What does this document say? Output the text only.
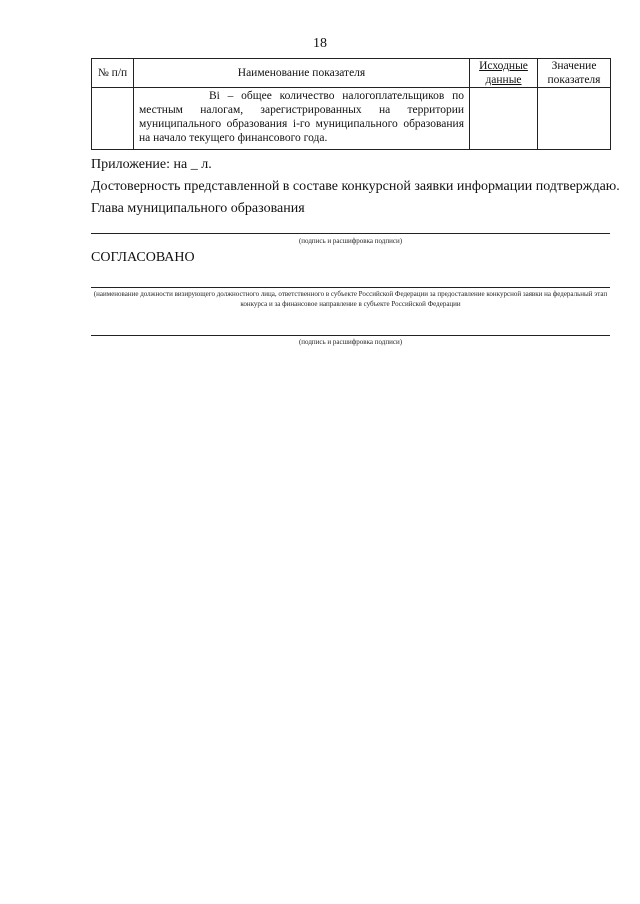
18
№ п/п	Наименование показателя	Исходные данные	Значение показателя

	Bi – общее количество налогоплательщиков по местным налогам, зарегистрированных на территории муниципального образования i-го муниципального образования на начало текущего финансового года.		

Приложение: на _ л.
Достоверность представленной в составе конкурсной заявки информации подтверждаю.
Глава муниципального образования
(подпись и расшифровка подписи)
СОГЛАСОВАНО
(наименование должности визирующего должностного лица, ответственного в субъекте Российской Федерации за предоставление конкурсной заявки на федеральный этап конкурса и за финансовое направление в субъекте Российской Федерации
(подпись и расшифровка подписи)
